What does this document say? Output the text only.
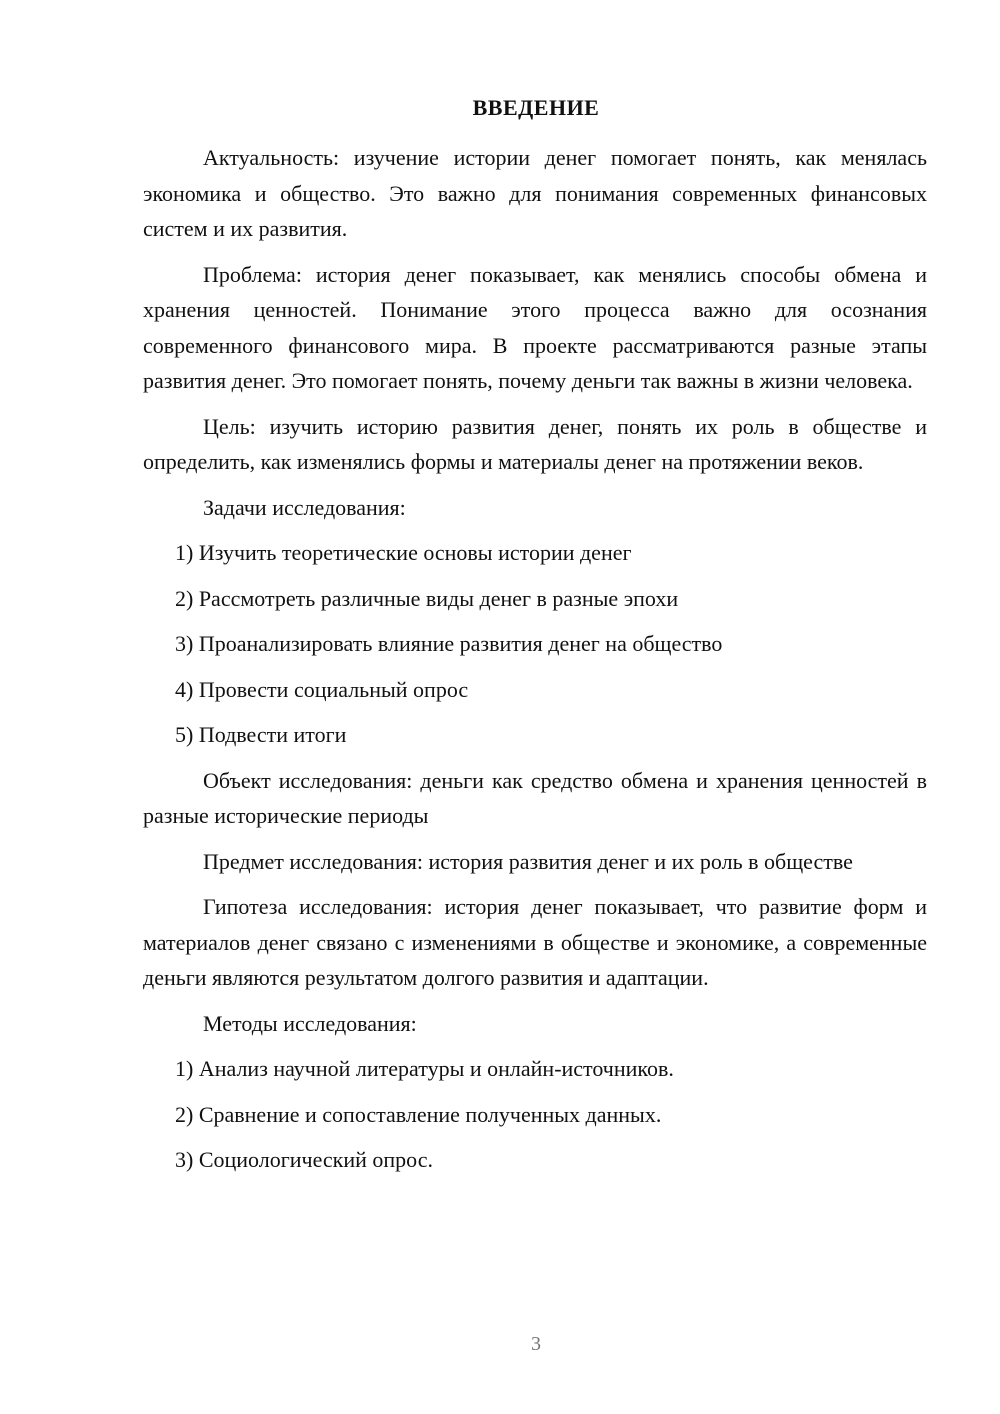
ВВЕДЕНИЕ

Актуальность: изучение истории денег помогает понять, как менялась экономика и общество. Это важно для понимания современных финансовых систем и их развития.

Проблема: история денег показывает, как менялись способы обмена и хранения ценностей. Понимание этого процесса важно для осознания современного финансового мира. В проекте рассматриваются разные этапы развития денег. Это помогает понять, почему деньги так важны в жизни человека.

Цель: изучить историю развития денег, понять их роль в обществе и определить, как изменялись формы и материалы денег на протяжении веков.

Задачи исследования:

1) Изучить теоретические основы истории денег

2) Рассмотреть различные виды денег в разные эпохи

3) Проанализировать влияние развития денег на общество

4) Провести социальный опрос

5) Подвести итоги

Объект исследования: деньги как средство обмена и хранения ценностей в разные исторические периоды

Предмет исследования: история развития денег и их роль в обществе

Гипотеза исследования: история денег показывает, что развитие форм и материалов денег связано с изменениями в обществе и экономике, а современные деньги являются результатом долгого развития и адаптации.

Методы исследования:

1) Анализ научной литературы и онлайн-источников.

2) Сравнение и сопоставление полученных данных.

3) Социологический опрос.

3
